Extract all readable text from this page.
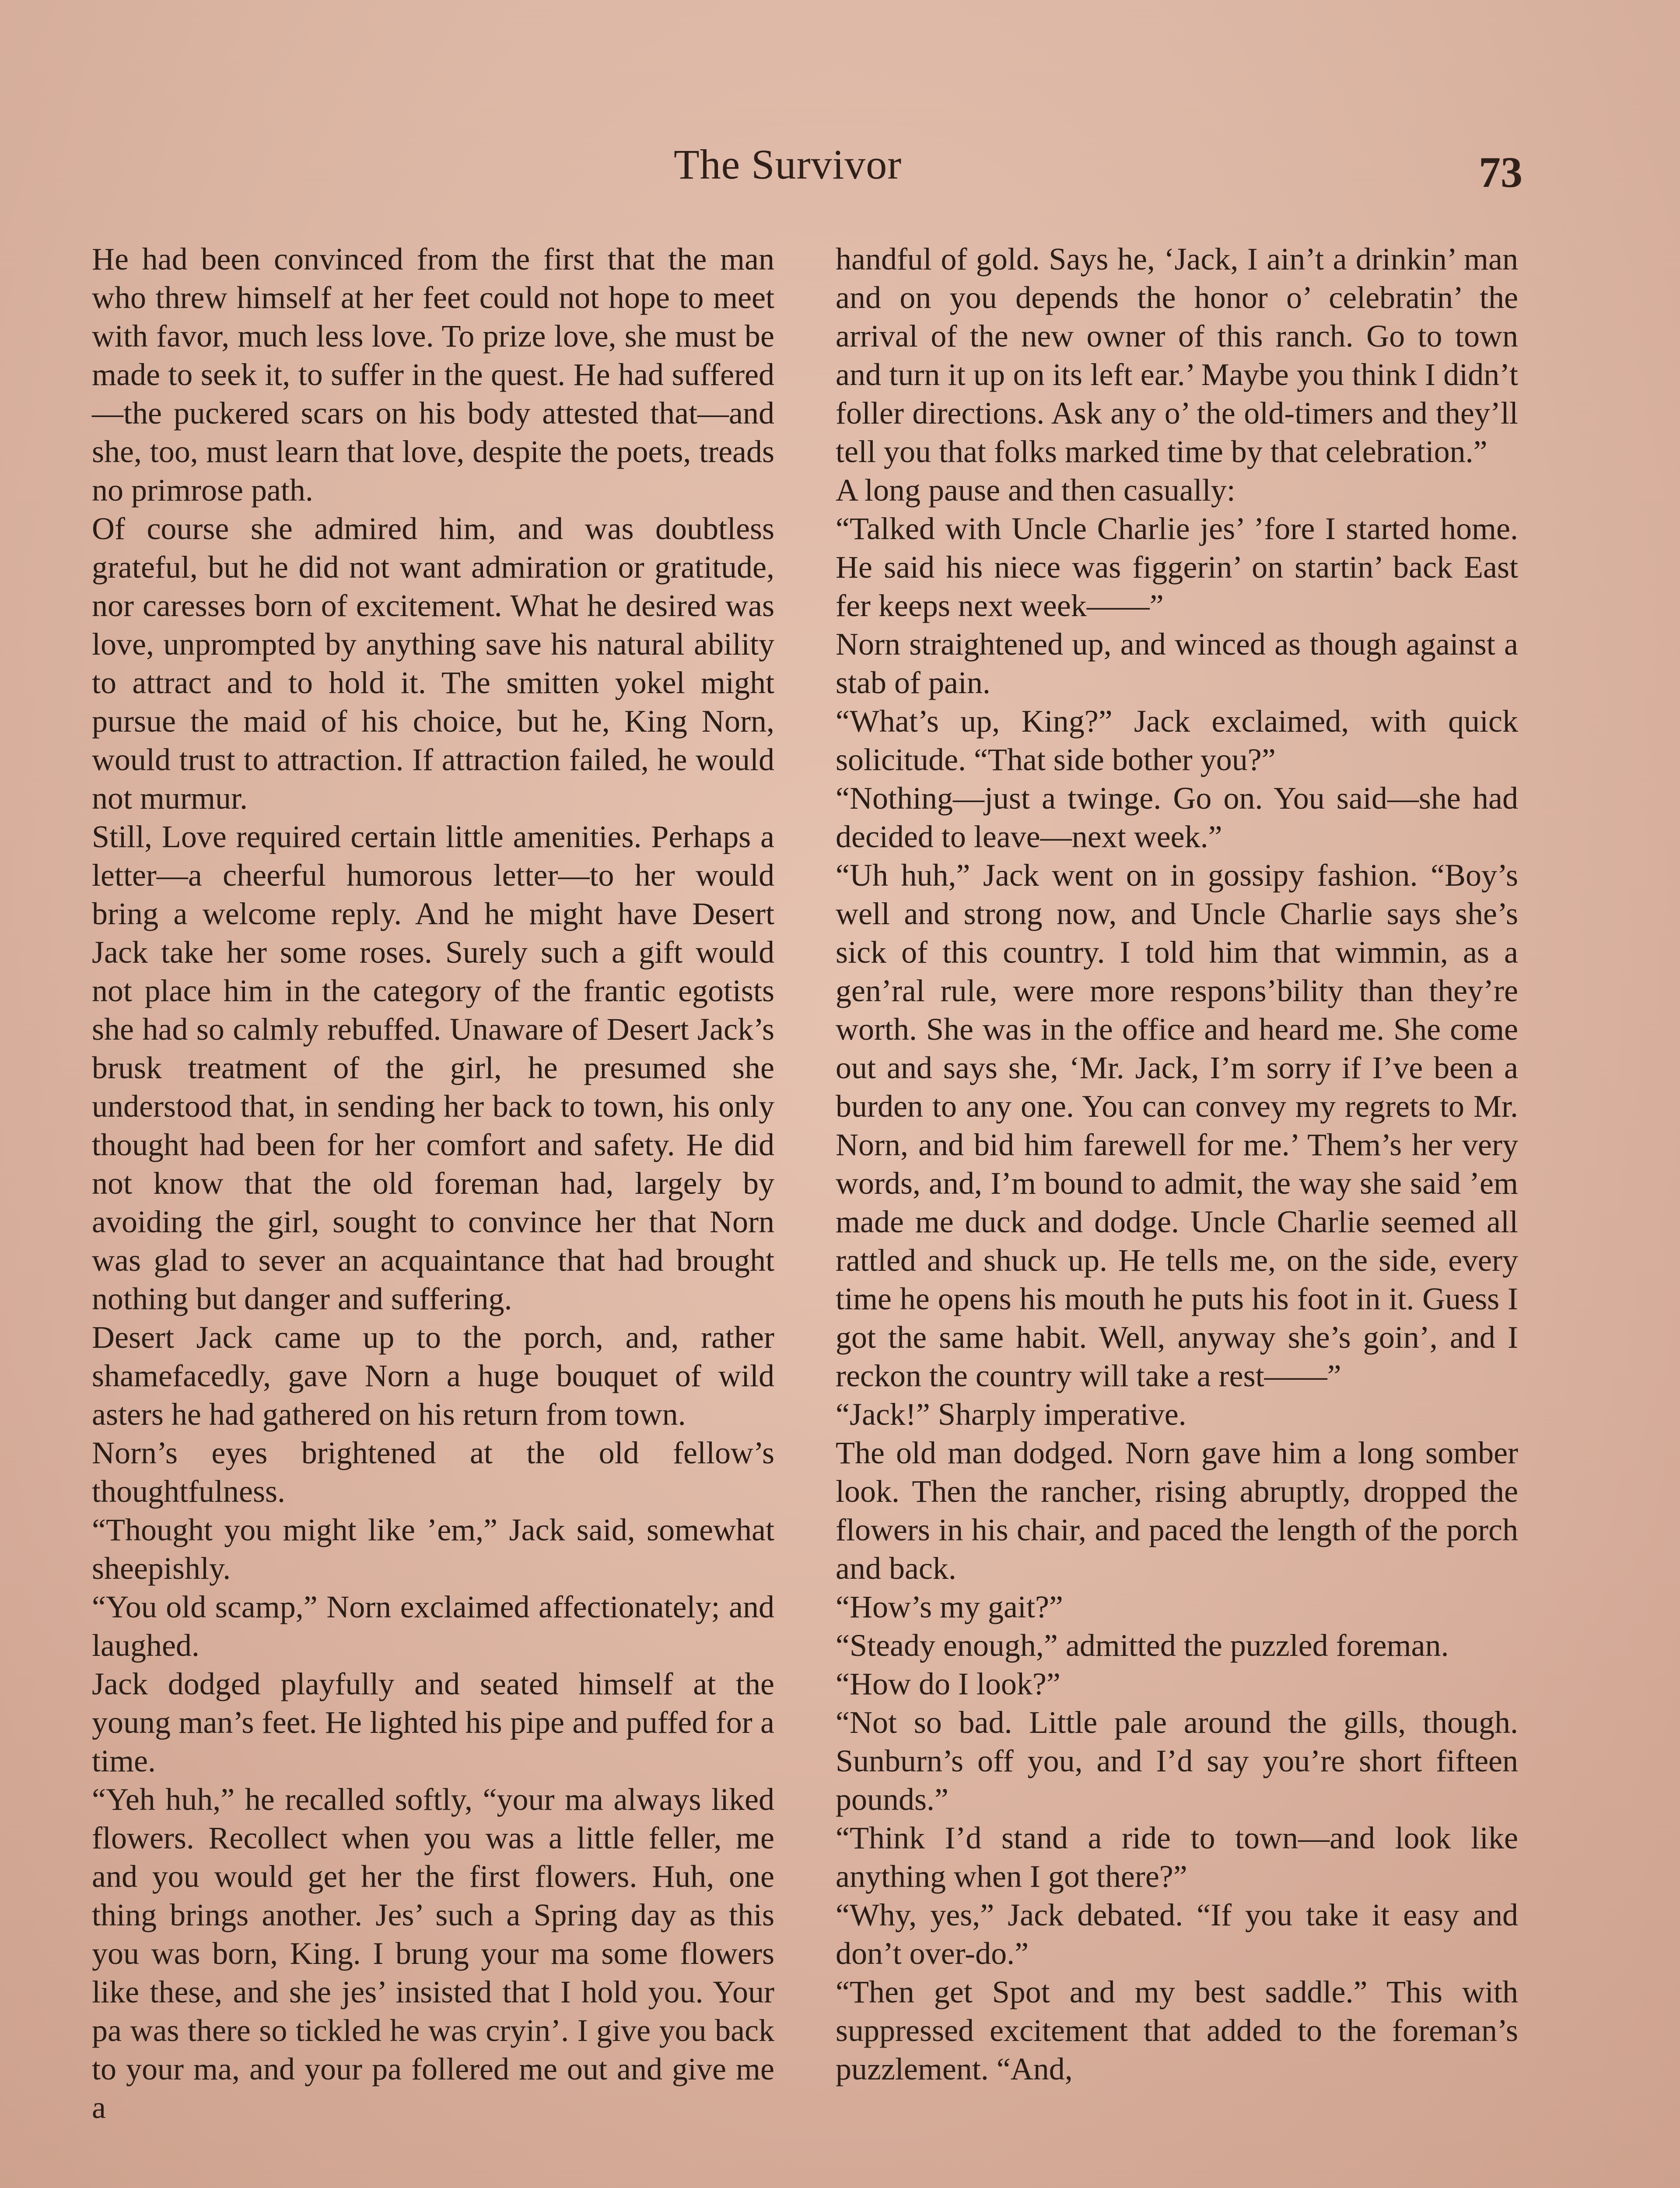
The Survivor	73

He had been convinced from the first that the man who threw himself at her feet could not hope to meet with favor, much less love. To prize love, she must be made to seek it, to suffer in the quest. He had suffered—the puckered scars on his body attested that—and she, too, must learn that love, despite the poets, treads no primrose path.

Of course she admired him, and was doubtless grateful, but he did not want admiration or gratitude, nor caresses born of excitement. What he desired was love, unprompted by anything save his natural ability to attract and to hold it. The smitten yokel might pursue the maid of his choice, but he, King Norn, would trust to attraction. If attraction failed, he would not murmur.

Still, Love required certain little amenities. Perhaps a letter—a cheerful humorous letter—to her would bring a welcome reply. And he might have Desert Jack take her some roses. Surely such a gift would not place him in the category of the frantic egotists she had so calmly rebuffed. Unaware of Desert Jack’s brusk treatment of the girl, he presumed she understood that, in sending her back to town, his only thought had been for her comfort and safety. He did not know that the old foreman had, largely by avoiding the girl, sought to convince her that Norn was glad to sever an acquaintance that had brought nothing but danger and suffering.

Desert Jack came up to the porch, and, rather shamefacedly, gave Norn a huge bouquet of wild asters he had gathered on his return from town.

Norn’s eyes brightened at the old fellow’s thoughtfulness.

“Thought you might like ’em,” Jack said, somewhat sheepishly.

“You old scamp,” Norn exclaimed affectionately; and laughed.

Jack dodged playfully and seated himself at the young man’s feet. He lighted his pipe and puffed for a time.

“Yeh huh,” he recalled softly, “your ma always liked flowers. Recollect when you was a little feller, me and you would get her the first flowers. Huh, one thing brings another. Jes’ such a Spring day as this you was born, King. I brung your ma some flowers like these, and she jes’ insisted that I hold you. Your pa was there so tickled he was cryin’. I give you back to your ma, and your pa follered me out and give me a

handful of gold. Says he, ‘Jack, I ain’t a drinkin’ man and on you depends the honor o’ celebratin’ the arrival of the new owner of this ranch. Go to town and turn it up on its left ear.’ Maybe you think I didn’t foller directions. Ask any o’ the old-timers and they’ll tell you that folks marked time by that celebration.”

A long pause and then casually:

“Talked with Uncle Charlie jes’ ’fore I started home. He said his niece was figgerin’ on startin’ back East fer keeps next week——”

Norn straightened up, and winced as though against a stab of pain.

“What’s up, King?” Jack exclaimed, with quick solicitude. “That side bother you?”

“Nothing—just a twinge. Go on. You said—she had decided to leave—next week.”

“Uh huh,” Jack went on in gossipy fashion. “Boy’s well and strong now, and Uncle Charlie says she’s sick of this country. I told him that wimmin, as a gen’ral rule, were more respons’bility than they’re worth. She was in the office and heard me. She come out and says she, ‘Mr. Jack, I’m sorry if I’ve been a burden to any one. You can convey my regrets to Mr. Norn, and bid him farewell for me.’ Them’s her very words, and, I’m bound to admit, the way she said ’em made me duck and dodge. Uncle Charlie seemed all rattled and shuck up. He tells me, on the side, every time he opens his mouth he puts his foot in it. Guess I got the same habit. Well, anyway she’s goin’, and I reckon the country will take a rest——”

“Jack!” Sharply imperative.

The old man dodged. Norn gave him a long somber look. Then the rancher, rising abruptly, dropped the flowers in his chair, and paced the length of the porch and back.

“How’s my gait?”

“Steady enough,” admitted the puzzled foreman.

“How do I look?”

“Not so bad. Little pale around the gills, though. Sunburn’s off you, and I’d say you’re short fifteen pounds.”

“Think I’d stand a ride to town—and look like anything when I got there?”

“Why, yes,” Jack debated. “If you take it easy and don’t over-do.”

“Then get Spot and my best saddle.” This with suppressed excitement that added to the foreman’s puzzlement. “And,
